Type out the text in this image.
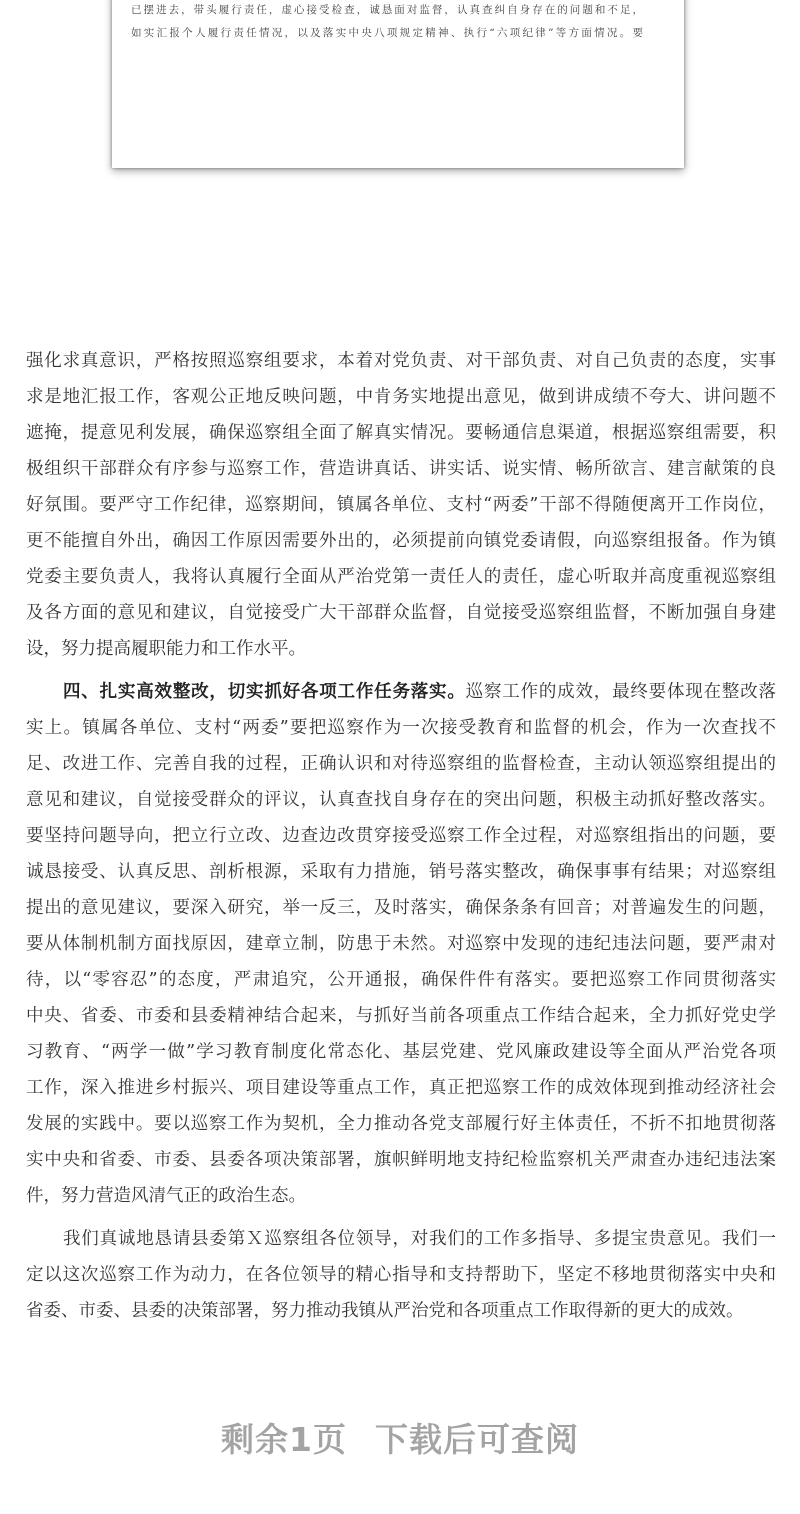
已摆进去，带头履行责任，虚心接受检查，诚恳面对监督，认真查纠自身存在的问题和不足，
如实汇报个人履行责任情况，以及落实中央八项规定精神、执行“六项纪律”等方面情况。要
强化求真意识，严格按照巡察组要求，本着对党负责、对干部负责、对自己负责的态度，实事
求是地汇报工作，客观公正地反映问题，中肯务实地提出意见，做到讲成绩不夸大、讲问题不
遮掩，提意见利发展，确保巡察组全面了解真实情况。要畅通信息渠道，根据巡察组需要，积
极组织干部群众有序参与巡察工作，营造讲真话、讲实话、说实情、畅所欲言、建言献策的良
好氛围。要严守工作纪律，巡察期间，镇属各单位、支村“两委”干部不得随便离开工作岗位，
更不能擅自外出，确因工作原因需要外出的，必须提前向镇党委请假，向巡察组报备。作为镇
党委主要负责人，我将认真履行全面从严治党第一责任人的责任，虚心听取并高度重视巡察组
及各方面的意见和建议，自觉接受广大干部群众监督，自觉接受巡察组监督，不断加强自身建
设，努力提高履职能力和工作水平。
四、扎实高效整改，切实抓好各项工作任务落实。巡察工作的成效，最终要体现在整改落
实上。镇属各单位、支村“两委”要把巡察作为一次接受教育和监督的机会，作为一次查找不
足、改进工作、完善自我的过程，正确认识和对待巡察组的监督检查，主动认领巡察组提出的
意见和建议，自觉接受群众的评议，认真查找自身存在的突出问题，积极主动抓好整改落实。
要坚持问题导向，把立行立改、边查边改贯穿接受巡察工作全过程，对巡察组指出的问题，要
诚恳接受、认真反思、剖析根源，采取有力措施，销号落实整改，确保事事有结果；对巡察组
提出的意见建议，要深入研究，举一反三，及时落实，确保条条有回音；对普遍发生的问题，
要从体制机制方面找原因，建章立制，防患于未然。对巡察中发现的违纪违法问题，要严肃对
待，以“零容忍”的态度，严肃追究，公开通报，确保件件有落实。要把巡察工作同贯彻落实
中央、省委、市委和县委精神结合起来，与抓好当前各项重点工作结合起来，全力抓好党史学
习教育、“两学一做”学习教育制度化常态化、基层党建、党风廉政建设等全面从严治党各项
工作，深入推进乡村振兴、项目建设等重点工作，真正把巡察工作的成效体现到推动经济社会
发展的实践中。要以巡察工作为契机，全力推动各党支部履行好主体责任，不折不扣地贯彻落
实中央和省委、市委、县委各项决策部署，旗帜鲜明地支持纪检监察机关严肃查办违纪违法案
件，努力营造风清气正的政治生态。
我们真诚地恳请县委第Ｘ巡察组各位领导，对我们的工作多指导、多提宝贵意见。我们一
定以这次巡察工作为动力，在各位领导的精心指导和支持帮助下，坚定不移地贯彻落实中央和
省委、市委、县委的决策部署，努力推动我镇从严治党和各项重点工作取得新的更大的成效。
剩余1页 下载后可查阅
